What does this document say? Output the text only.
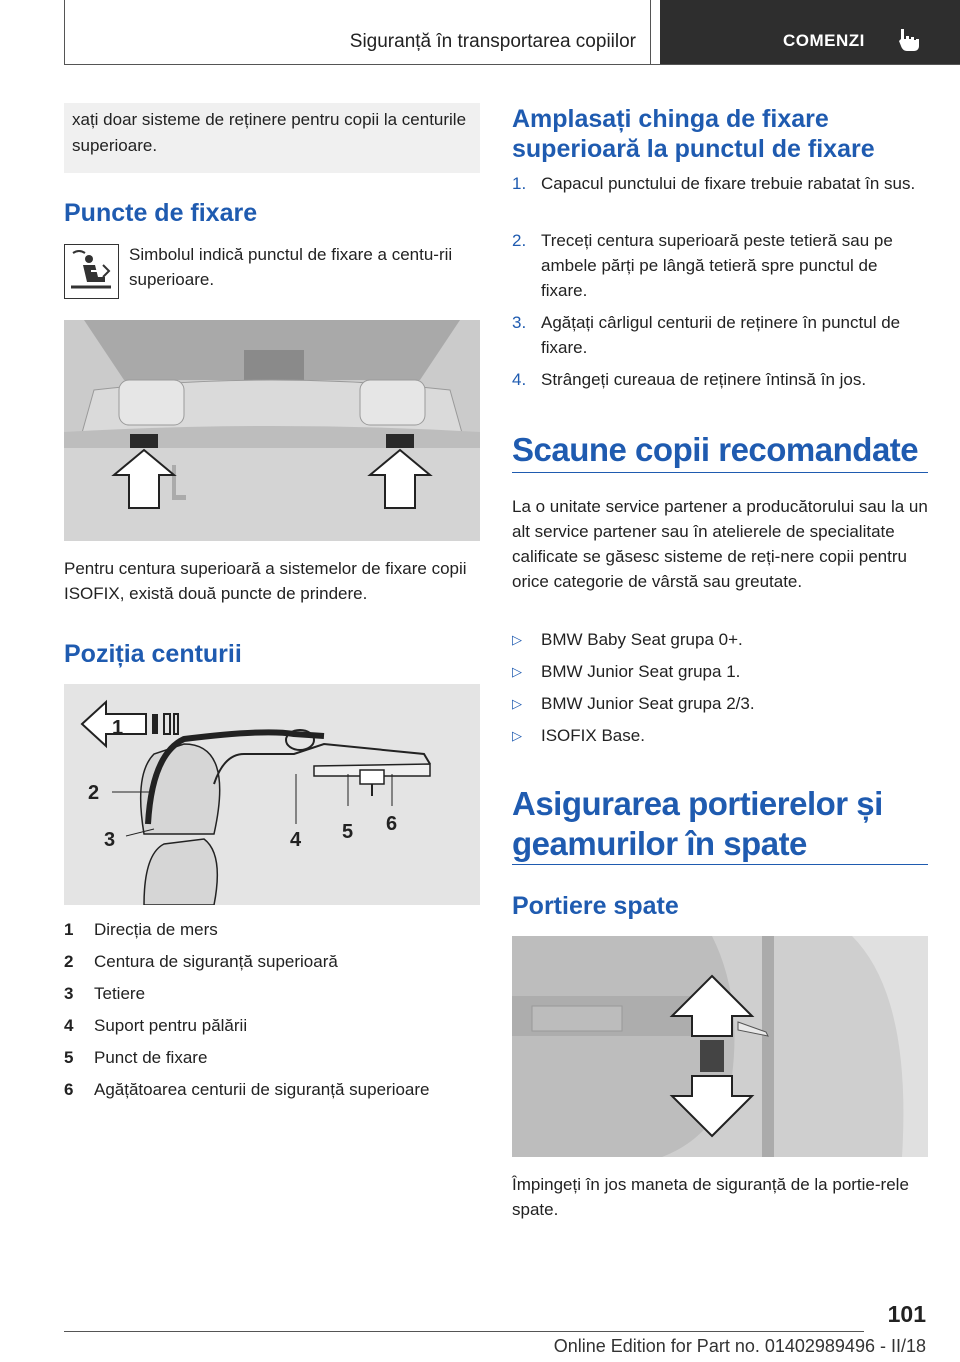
Siguranță în transportarea copiilor	COMENZI
xați doar sisteme de reținere pentru copii la centurile superioare.
Puncte de fixare
Simbolul indică punctul de fixare a centu-rii superioare.
Pentru centura superioară a sistemelor de fixare copii ISOFIX, există două puncte de prindere.
Poziția centurii
1
2
3	4 5 6
1 Direcția de mers
2 Centura de siguranță superioară
3 Tetiere
4 Suport pentru pălării
5 Punct de fixare
6 Agățătoarea centurii de siguranță superioare
Amplasați chinga de fixare
superioară la punctul de fixare
1. Capacul punctului de fixare trebuie rabatat în sus.
2. Treceți centura superioară peste tetieră sau pe ambele părți pe lângă tetieră spre punctul de fixare.
3. Agățați cârligul centurii de reținere în punctul de fixare.
4. Strângeți cureaua de reținere întinsă în jos.
Scaune copii recomandate
La o unitate service partener a producătorului sau la un alt service partener sau în atelierele de specialitate calificate se găsesc sisteme de reți-nere copii pentru orice categorie de vârstă sau greutate.
▷ BMW Baby Seat grupa 0+.
▷ BMW Junior Seat grupa 1.
▷ BMW Junior Seat grupa 2/3.
▷ ISOFIX Base.
Asigurarea portierelor și
geamurilor în spate
Portiere spate
Împingeți în jos maneta de siguranță de la portie-rele spate.
101
Online Edition for Part no. 01402989496 - II/18
